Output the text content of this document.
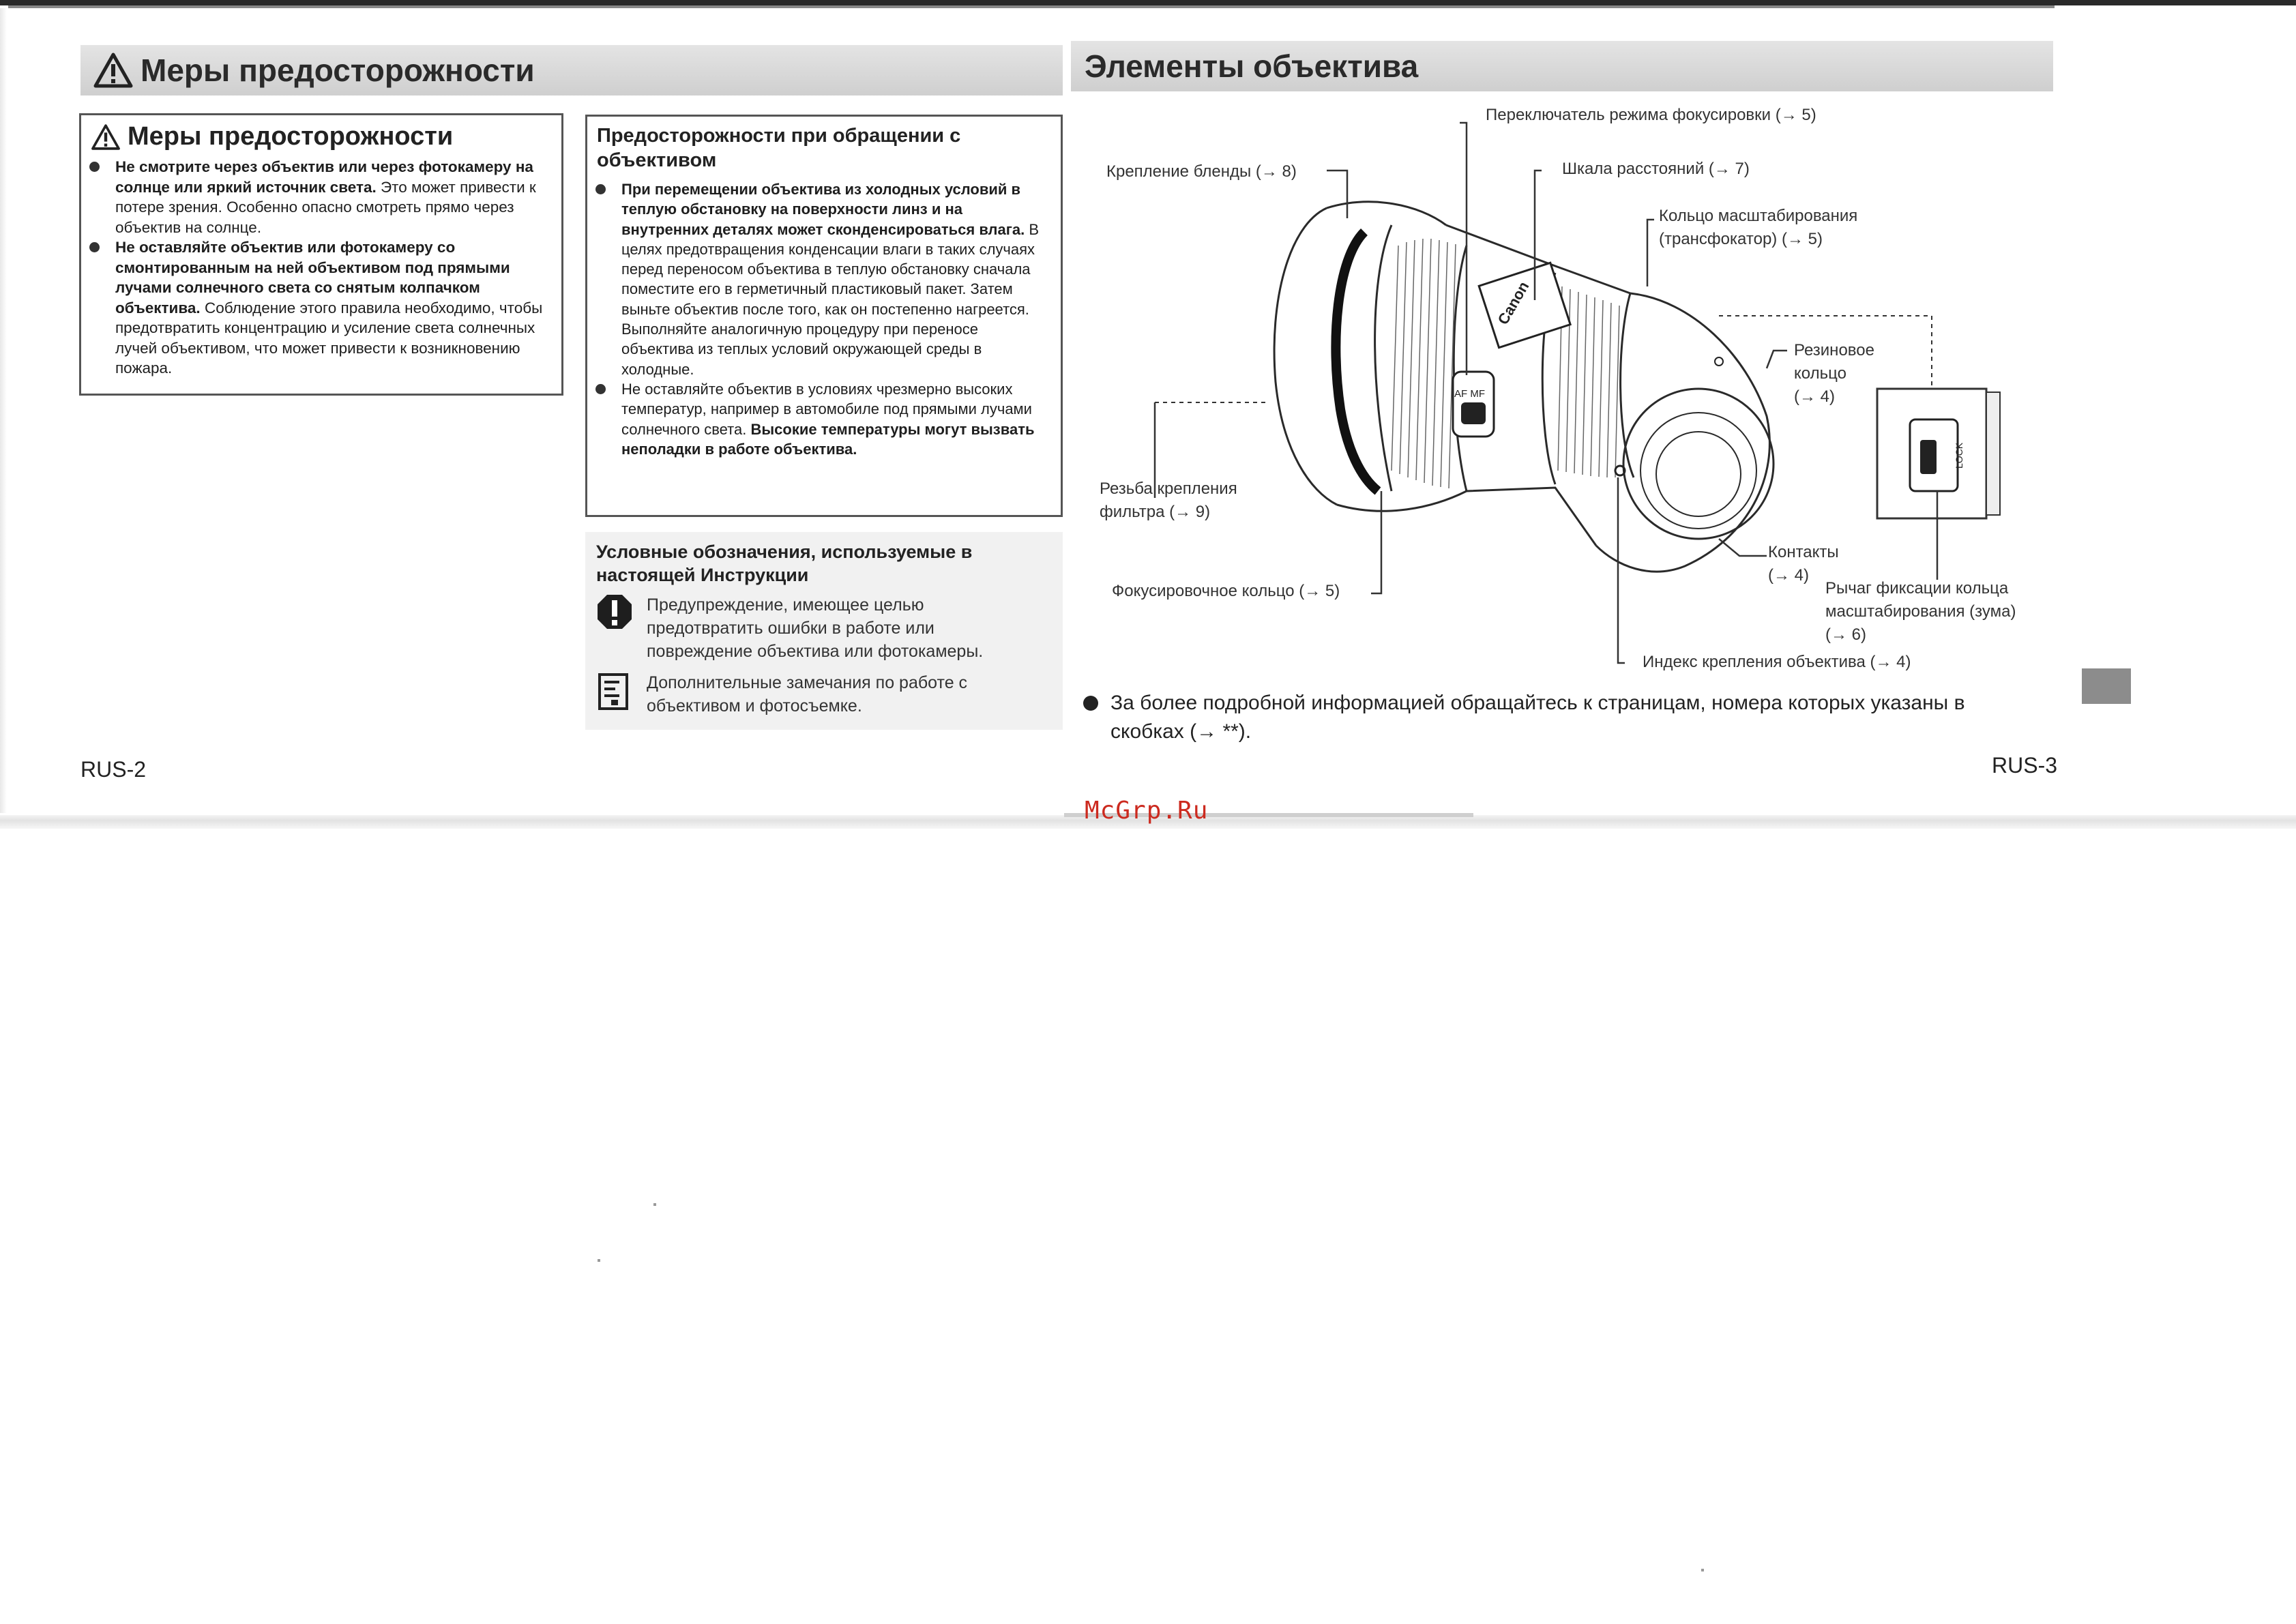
Меры предосторожности
Меры предосторожности
Не смотрите через объектив или через фотокамеру на солнце или яркий источник света. Это может привести к потере зрения. Особенно опасно смотреть прямо через объектив на солнце.
Не оставляйте объектив или фотокамеру со смонтированным на ней объективом под прямыми лучами солнечного света со снятым колпачком объектива. Соблюдение этого правила необходимо, чтобы предотвратить концентрацию и усиление света солнечных лучей объективом, что может привести к возникновению пожара.
Предосторожности при обращении с объективом
При перемещении объектива из холодных условий в теплую обстановку на поверхности линз и на внутренних деталях может сконденсироваться влага. В целях предотвращения конденсации влаги в таких случаях перед переносом объектива в теплую обстановку сначала поместите его в герметичный пластиковый пакет. Затем выньте объектив после того, как он постепенно нагреется. Выполняйте аналогичную процедуру при переносе объектива из теплых условий окружающей среды в холодные.
Не оставляйте объектив в условиях чрезмерно высоких температур, например в автомобиле под прямыми лучами солнечного света. Высокие температуры могут вызвать неполадки в работе объектива.
Условные обозначения, используемые в настоящей Инструкции
Предупреждение, имеющее целью предотвратить ошибки в работе или повреждение объектива или фотокамеры.
Дополнительные замечания по работе с объективом и фотосъемке.
RUS-2
Элементы объектива
AF MF
Canon
LOCK
Переключатель режима фокусировки (→ 5)
Крепление бленды (→ 8)	Шкала расстояний (→ 7)
Кольцо масштабирования
(трансфокатор) (→ 5)
Резиновое
кольцо
(→ 4)
Резьба крепления
фильтра (→ 9)
Фокусировочное кольцо (→ 5)
Контакты
(→ 4)
Рычаг фиксации кольца
масштабирования (зума)
(→ 6)
Индекс крепления объектива (→ 4)
За более подробной информацией обращайтесь к страницам, номера которых указаны в скобках (→ **).
RUS-3
McGrp.Ru
